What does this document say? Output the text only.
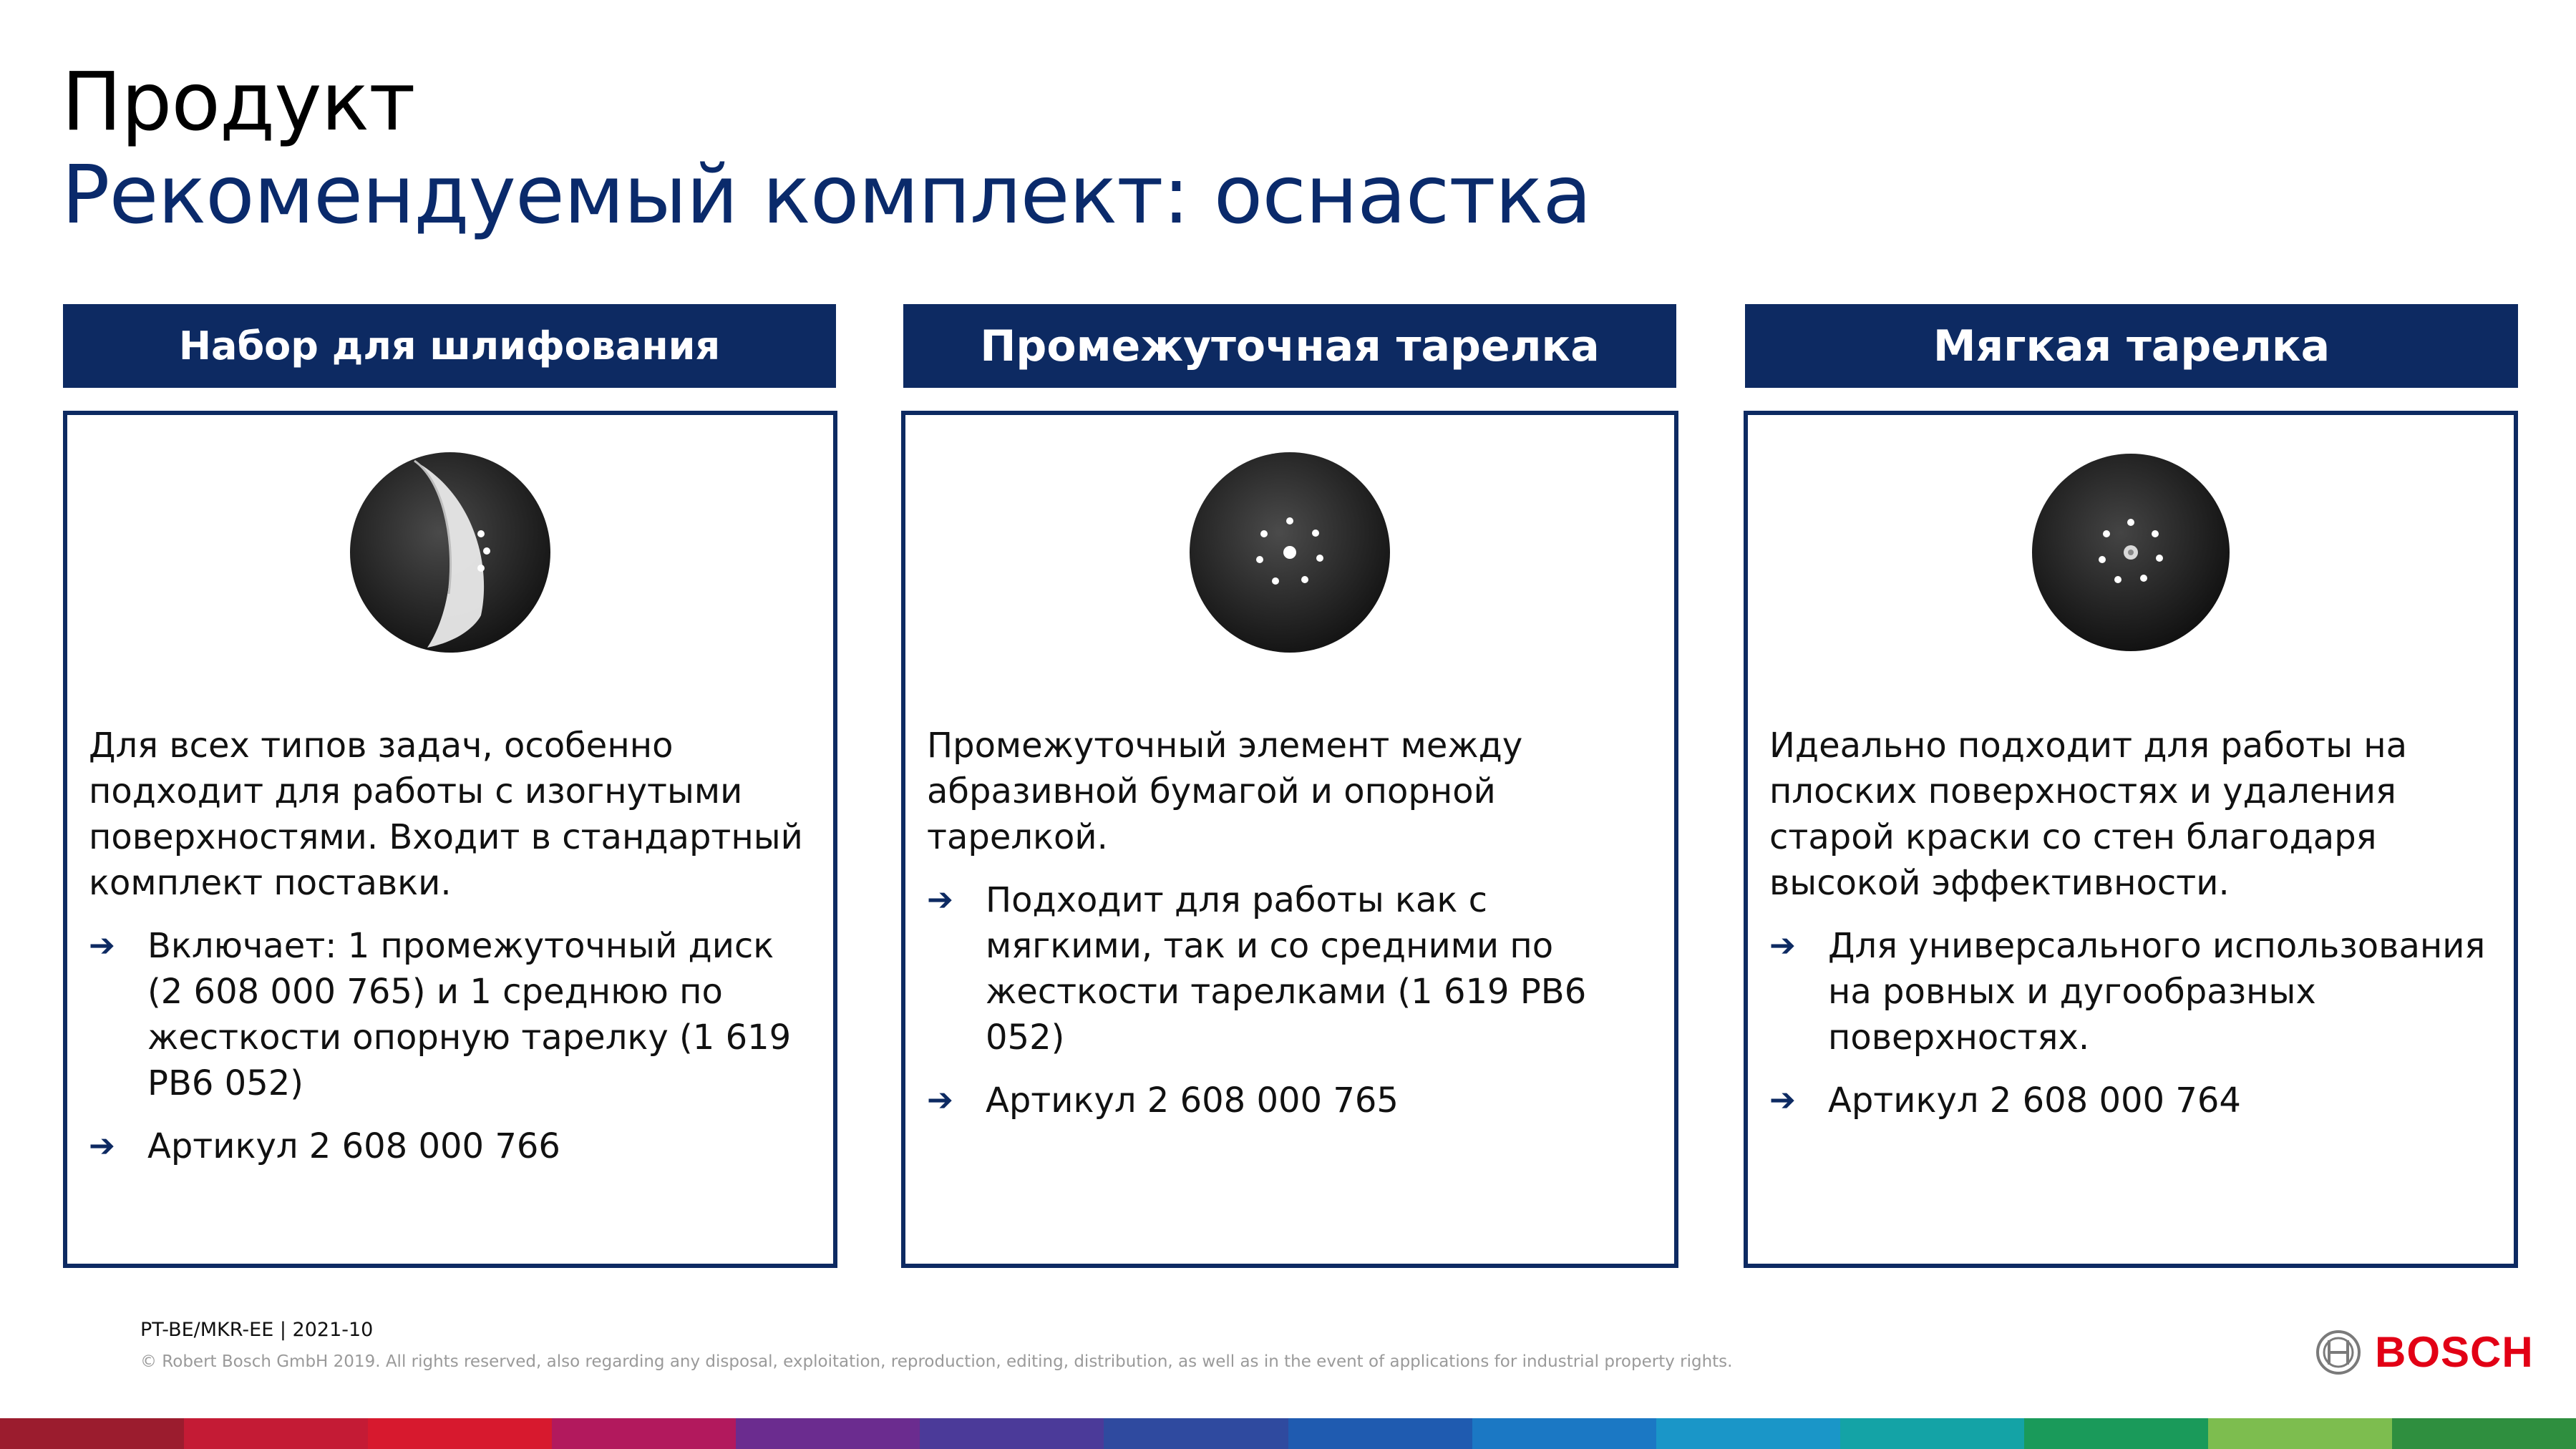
Продукт
Рекомендуемый комплект: оснастка
Набор для шлифования

Для всех типов задач, особенно подходит для работы с изогнутыми поверхностями. Входит в стандартный комплект поставки.

➔ Включает: 1 промежуточный диск (2 608 000 765) и 1 среднюю по жесткости опорную тарелку (1 619 PB6 052)
➔ Артикул 2 608 000 766
Промежуточная тарелка

Промежуточный элемент между абразивной бумагой и опорной тарелкой.

➔ Подходит для работы как с мягкими, так и со средними по жесткости тарелками (1 619 PB6 052)
➔ Артикул 2 608 000 765
Мягкая тарелка

Идеально подходит для работы на плоских поверхностях и удаления старой краски со стен благодаря высокой эффективности.

➔ Для универсального использования на ровных и дугообразных поверхностях.
➔ Артикул 2 608 000 764
PT-BE/MKR-EE | 2021-10
© Robert Bosch GmbH 2019. All rights reserved, also regarding any disposal, exploitation, reproduction, editing, distribution, as well as in the event of applications for industrial property rights.	BOSCH
